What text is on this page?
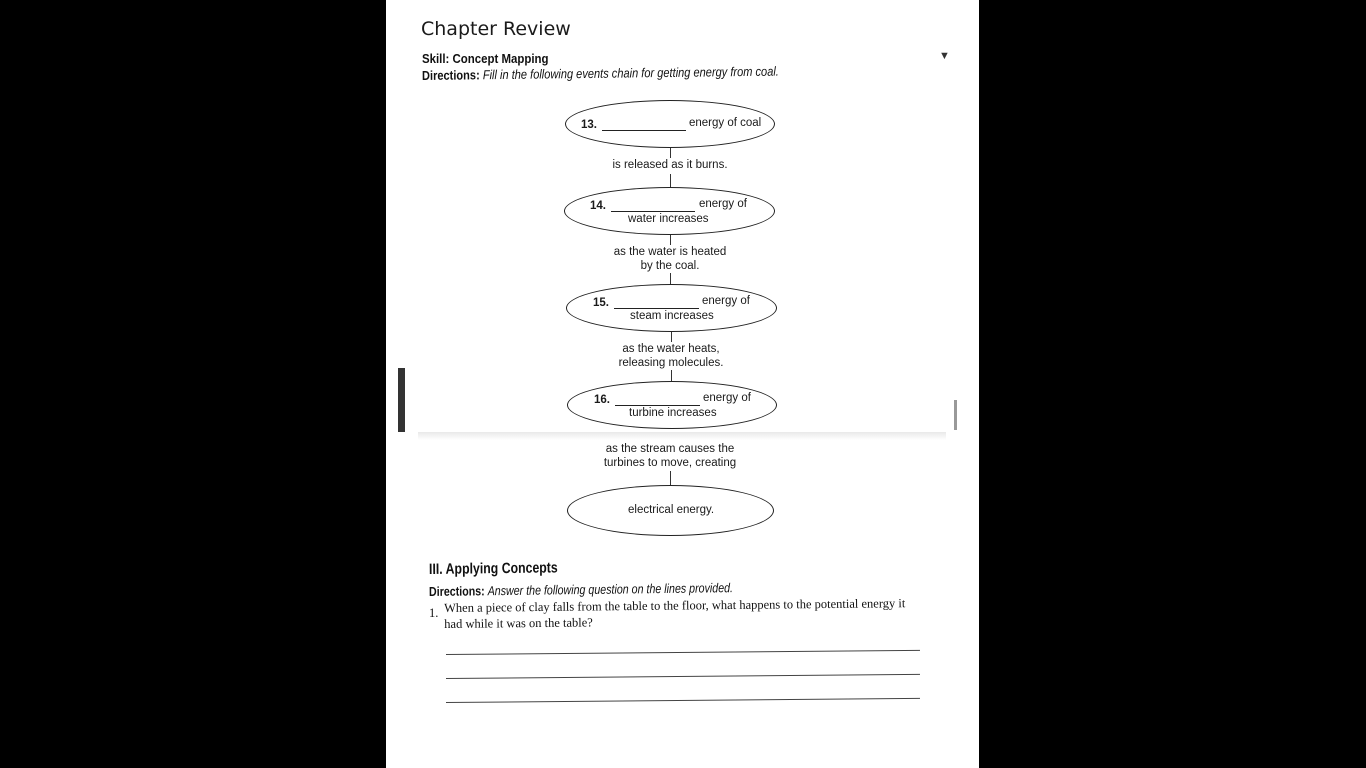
▼
Chapter Review
Skill: Concept Mapping
Directions: Fill in the following events chain for getting energy from coal.
13.	energy of coal
is released as it burns.
14.	energy of
water increases
as the water is heated
by the coal.
15.	energy of
steam increases
as the water heats,
releasing molecules.
16.	energy of
turbine increases
as the stream causes the
turbines to move, creating
electrical energy.
III. Applying Concepts
Directions: Answer the following question on the lines provided.
1. When a piece of clay falls from the table to the floor, what happens to the potential energy it had while it was on the table?
